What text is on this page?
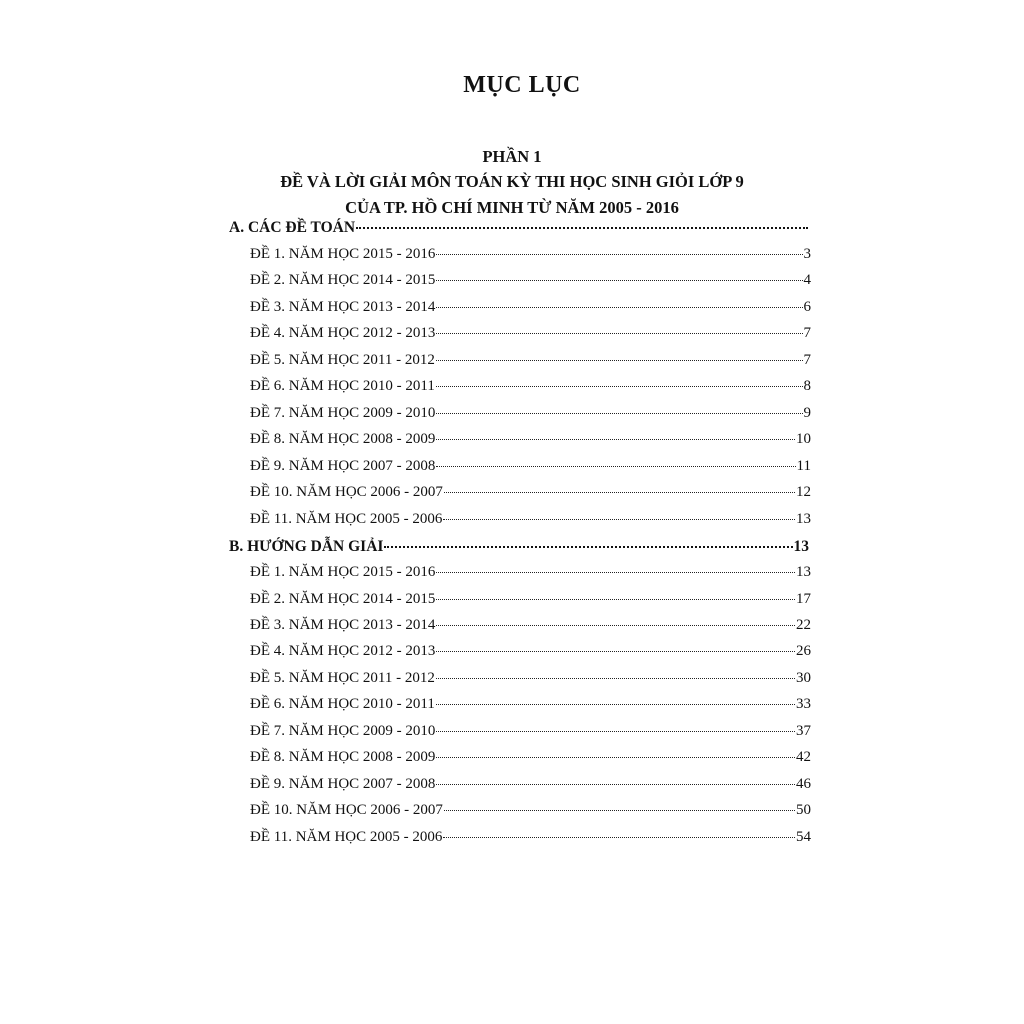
MỤC LỤC
PHẦN 1
ĐỀ VÀ LỜI GIẢI MÔN TOÁN KỲ THI HỌC SINH GIỎI LỚP 9
CỦA TP. HỒ CHÍ MINH TỪ NĂM 2005 - 2016
A. CÁC ĐỀ TOÁN
ĐỀ 1. NĂM HỌC 2015 - 2016	3
ĐỀ 2. NĂM HỌC 2014 - 2015	4
ĐỀ 3. NĂM HỌC 2013 - 2014	6
ĐỀ 4. NĂM HỌC 2012 - 2013	7
ĐỀ 5. NĂM HỌC 2011 - 2012	7
ĐỀ 6. NĂM HỌC 2010 - 2011	8
ĐỀ 7. NĂM HỌC 2009 - 2010	9
ĐỀ 8. NĂM HỌC 2008 - 2009	10
ĐỀ 9. NĂM HỌC 2007 - 2008	11
ĐỀ 10. NĂM HỌC 2006 - 2007	12
ĐỀ 11. NĂM HỌC 2005 - 2006	13
B. HƯỚNG DẪN GIẢI	13
ĐỀ 1. NĂM HỌC 2015 - 2016	13
ĐỀ 2. NĂM HỌC 2014 - 2015	17
ĐỀ 3. NĂM HỌC 2013 - 2014	22
ĐỀ 4. NĂM HỌC 2012 - 2013	26
ĐỀ 5. NĂM HỌC 2011 - 2012	30
ĐỀ 6. NĂM HỌC 2010 - 2011	33
ĐỀ 7. NĂM HỌC 2009 - 2010	37
ĐỀ 8. NĂM HỌC 2008 - 2009	42
ĐỀ 9. NĂM HỌC 2007 - 2008	46
ĐỀ 10. NĂM HỌC 2006 - 2007	50
ĐỀ 11. NĂM HỌC 2005 - 2006	54
